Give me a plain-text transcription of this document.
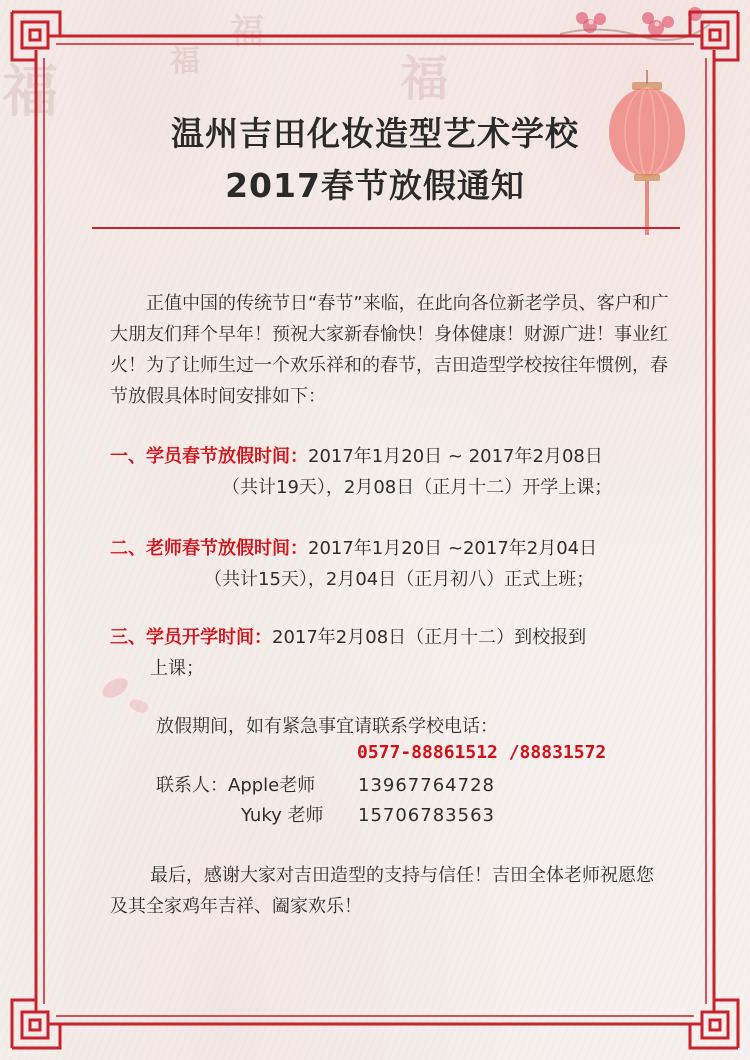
福	福	福
福
温州吉田化妆造型艺术学校
2017春节放假通知

正值中国的传统节日“春节”来临，在此向各位新老学员、客户和广大朋友们拜个早年！预祝大家新春愉快！身体健康！财源广进！事业红火！为了让师生过一个欢乐祥和的春节，吉田造型学校按往年惯例，春节放假具体时间安排如下：

一、学员春节放假时间：2017年1月20日 ~ 2017年2月08日
（共计19天），2月08日（正月十二）开学上课；

二、老师春节放假时间：2017年1月20日 ~2017年2月04日
（共计15天），2月04日（正月初八）正式上班；

三、学员开学时间：2017年2月08日（正月十二）到校报到
上课；

放假期间，如有紧急事宜请联系学校电话：
0577-88861512 /88831572
联系人：Apple老师 13967764728
Yuky 老师 15706783563

最后，感谢大家对吉田造型的支持与信任！吉田全体老师祝愿您及其全家鸡年吉祥、阖家欢乐！
